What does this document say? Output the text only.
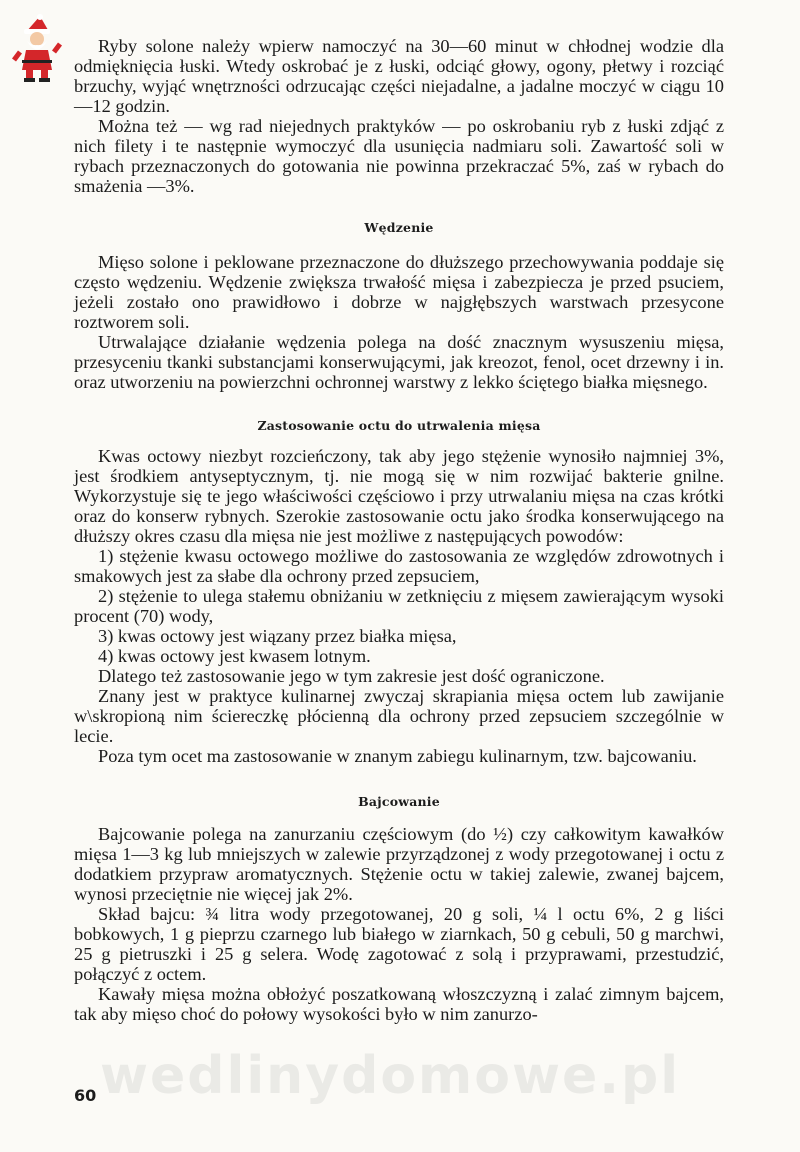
Ryby solone należy wpierw namoczyć na 30—60 minut w chłodnej wodzie dla odmięknięcia łuski. Wtedy oskrobać je z łuski, odciąć głowy, ogony, płetwy i rozciąć brzuchy, wyjąć wnętrzności odrzucając części niejadalne, a jadalne moczyć w ciągu 10—12 godzin.

Można też — wg rad niejednych praktyków — po oskrobaniu ryb z łuski zdjąć z nich filety i te następnie wymoczyć dla usunięcia nadmiaru soli. Zawartość soli w rybach przeznaczonych do gotowania nie powinna przekraczać 5%, zaś w rybach do smażenia —3%.

Wędzenie

Mięso solone i peklowane przeznaczone do dłuższego przechowywania poddaje się często wędzeniu. Wędzenie zwiększa trwałość mięsa i zabezpiecza je przed psuciem, jeżeli zostało ono prawidłowo i dobrze w najgłębszych warstwach przesycone roztworem soli.

Utrwalające działanie wędzenia polega na dość znacznym wysuszeniu mięsa, przesyceniu tkanki substancjami konserwującymi, jak kreozot, fenol, ocet drzewny i in. oraz utworzeniu na powierzchni ochronnej warstwy z lekko ściętego białka mięsnego.

Zastosowanie octu do utrwalenia mięsa

Kwas octowy niezbyt rozcieńczony, tak aby jego stężenie wynosiło najmniej 3%, jest środkiem antyseptycznym, tj. nie mogą się w nim rozwijać bakterie gnilne. Wykorzystuje się te jego właściwości częściowo i przy utrwalaniu mięsa na czas krótki oraz do konserw rybnych. Szerokie zastosowanie octu jako środka konserwującego na dłuższy okres czasu dla mięsa nie jest możliwe z następujących powodów:

1) stężenie kwasu octowego możliwe do zastosowania ze względów zdrowotnych i smakowych jest za słabe dla ochrony przed zepsuciem,

2) stężenie to ulega stałemu obniżaniu w zetknięciu z mięsem zawierającym wysoki procent (70) wody,

3) kwas octowy jest wiązany przez białka mięsa,

4) kwas octowy jest kwasem lotnym.

Dlatego też zastosowanie jego w tym zakresie jest dość ograniczone.

Znany jest w praktyce kulinarnej zwyczaj skrapiania mięsa octem lub zawijanie w\skropioną nim ściereczkę płócienną dla ochrony przed zepsuciem szczególnie w lecie.

Poza tym ocet ma zastosowanie w znanym zabiegu kulinarnym, tzw. bajcowaniu.

Bajcowanie

Bajcowanie polega na zanurzaniu częściowym (do ½) czy całkowitym kawałków mięsa 1—3 kg lub mniejszych w zalewie przyrządzonej z wody przegotowanej i octu z dodatkiem przypraw aromatycznych. Stężenie octu w takiej zalewie, zwanej bajcem, wynosi przeciętnie nie więcej jak 2%.

Skład bajcu: ¾ litra wody przegotowanej, 20 g soli, ¼ l octu 6%, 2 g liści bobkowych, 1 g pieprzu czarnego lub białego w ziarnkach, 50 g cebuli, 50 g marchwi, 25 g pietruszki i 25 g selera. Wodę zagotować z solą i przyprawami, przestudzić, połączyć z octem.

Kawały mięsa można obłożyć poszatkowaną włoszczyzną i zalać zimnym bajcem, tak aby mięso choć do połowy wysokości było w nim zanurzo-

wedlinydomowe.pl
60
